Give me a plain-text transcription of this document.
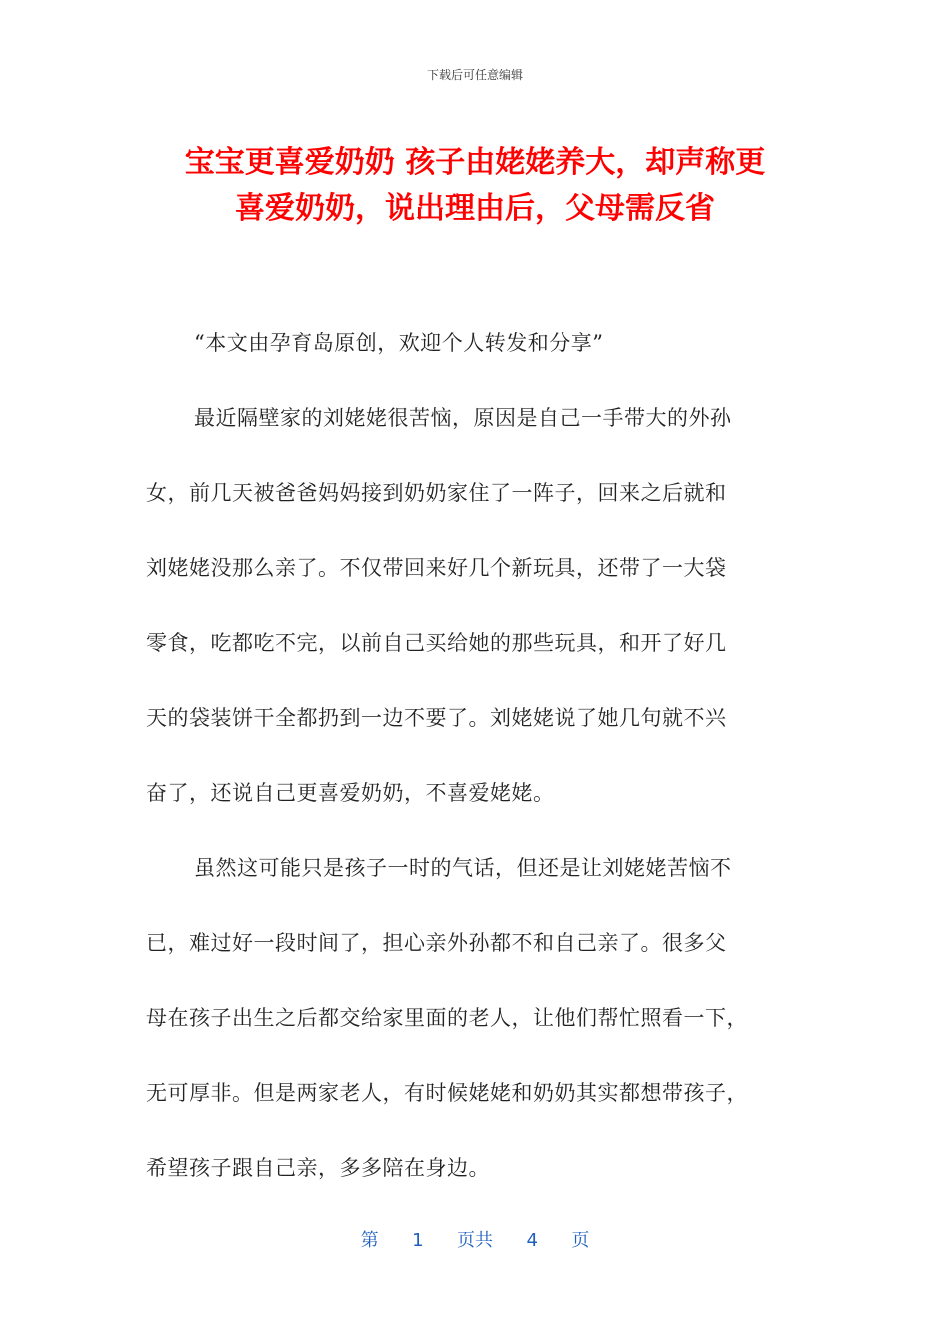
下载后可任意编辑
宝宝更喜爱奶奶 孩子由姥姥养大，却声称更
喜爱奶奶，说出理由后，父母需反省

“本文由孕育岛原创，欢迎个人转发和分享”

最近隔壁家的刘姥姥很苦恼，原因是自己一手带大的外孙
女，前几天被爸爸妈妈接到奶奶家住了一阵子，回来之后就和
刘姥姥没那么亲了。不仅带回来好几个新玩具，还带了一大袋
零食，吃都吃不完，以前自己买给她的那些玩具，和开了好几
天的袋装饼干全都扔到一边不要了。刘姥姥说了她几句就不兴
奋了，还说自己更喜爱奶奶，不喜爱姥姥。

虽然这可能只是孩子一时的气话，但还是让刘姥姥苦恼不
已，难过好一段时间了，担心亲外孙都不和自己亲了。很多父
母在孩子出生之后都交给家里面的老人，让他们帮忙照看一下，
无可厚非。但是两家老人，有时候姥姥和奶奶其实都想带孩子，
希望孩子跟自己亲，多多陪在身边。

第 1 页共 4 页
